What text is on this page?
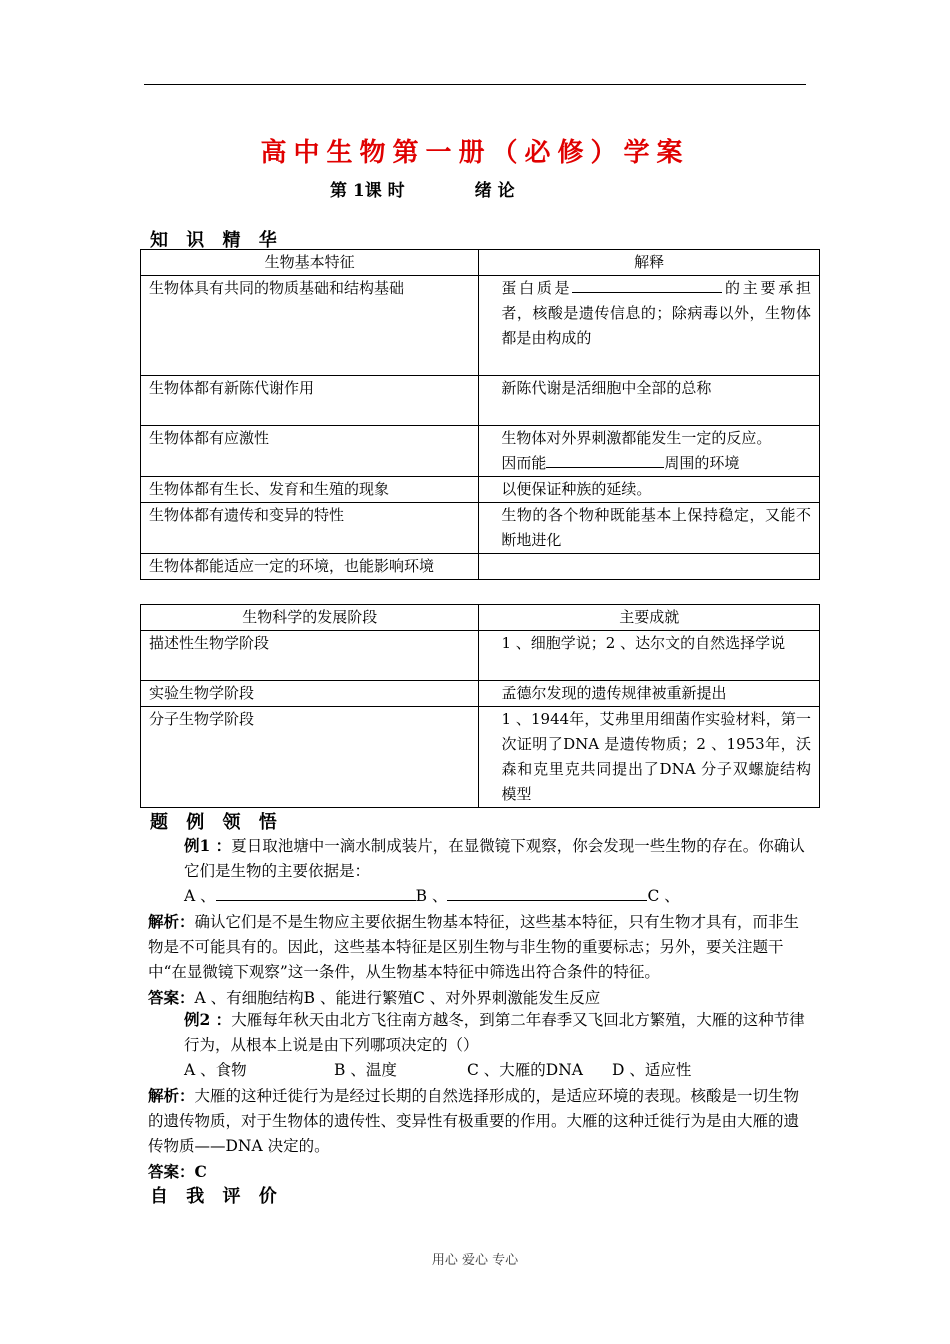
高中生物第一册（必修）学案
第 1课 时	绪 论
知 识 精 华
生物基本特征	解释
生物体具有共同的物质基础和结构基础	蛋白质是 的主要承担者，核酸是遗传信息的；除病毒以外，生物体都是由构成的
生物体都有新陈代谢作用	新陈代谢是活细胞中全部的总称
生物体都有应激性	生物体对外界刺激都能发生一定的反应。
因而能 周围的环境

生物体都有生长、发育和生殖的现象	以便保证种族的延续。
生物体都有遗传和变异的特性	生物的各个物种既能基本上保持稳定，又能不断地进化
生物体都能适应一定的环境，也能影响环境	
生物科学的发展阶段	主要成就
描述性生物学阶段	1 、细胞学说；2 、达尔文的自然选择学说
实验生物学阶段	孟德尔发现的遗传规律被重新提出
分子生物学阶段	1 、1944年，艾弗里用细菌作实验材料，第一次证明了DNA 是遗传物质；2 、1953年，沃森和克里克共同提出了DNA 分子双螺旋结构模型
题 例 领 悟
例1 ：夏日取池塘中一滴水制成装片，在显微镜下观察，你会发现一些生物的存在。你确认它们是生物的主要依据是：
A 、	B 、	C 、
解析：确认它们是不是生物应主要依据生物基本特征，这些基本特征，只有生物才具有，而非生物是不可能具有的。因此，这些基本特征是区别生物与非生物的重要标志；另外，要关注题干中“在显微镜下观察”这一条件，从生物基本特征中筛选出符合条件的特征。
答案：A 、有细胞结构B 、能进行繁殖C 、对外界刺激能发生反应
例2 ：大雁每年秋天由北方飞往南方越冬，到第二年春季又飞回北方繁殖，大雁的这种节律行为，从根本上说是由下列哪项决定的（）
A 、食物	B 、温度	C 、大雁的DNA D 、适应性
解析：大雁的这种迁徙行为是经过长期的自然选择形成的，是适应环境的表现。核酸是一切生物的遗传物质，对于生物体的遗传性、变异性有极重要的作用。大雁的这种迁徙行为是由大雁的遗传物质——DNA 决定的。
答案：C
自 我 评 价
用心 爱心 专心
